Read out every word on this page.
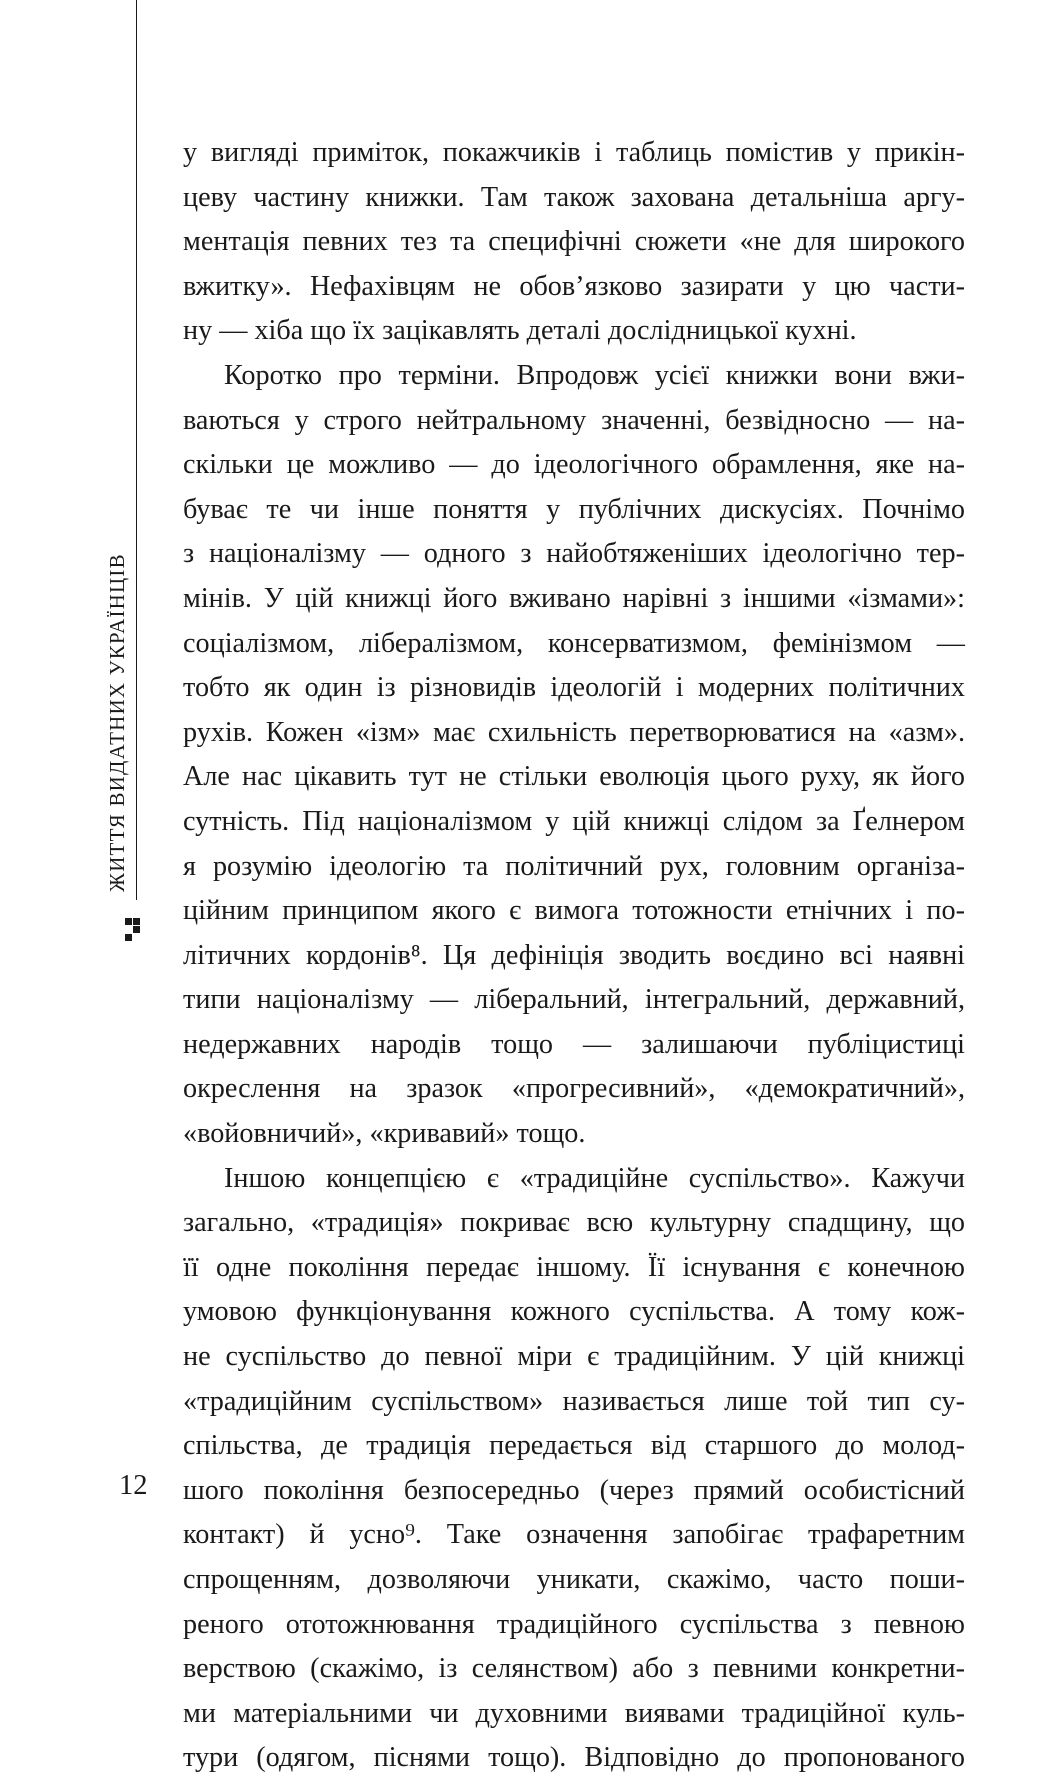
ЖИТТЯ ВИДАТНИХ УКРАЇНЦІВ
у вигляді приміток, покажчиків і таблиць помістив у прикін-
цеву частину книжки. Там також захована детальніша аргу-
ментація певних тез та специфічні сюжети «не для широкого
вжитку». Нефахівцям не обов’язково зазирати у цю части-
ну — хіба що їх зацікавлять деталі дослідницької кухні.
Коротко про терміни. Впродовж усієї книжки вони вжи-
ваються у строго нейтральному значенні, безвідносно — на-
скільки це можливо — до ідеологічного обрамлення, яке на-
буває те чи інше поняття у публічних дискусіях. Почнімо
з націоналізму — одного з найобтяженіших ідеологічно тер-
мінів. У цій книжці його вживано нарівні з іншими «ізмами»:
соціалізмом, лібералізмом, консерватизмом, фемінізмом —
тобто як один із різновидів ідеологій і модерних політичних
рухів. Кожен «ізм» має схильність перетворюватися на «азм».
Але нас цікавить тут не стільки еволюція цього руху, як його
сутність. Під націоналізмом у цій книжці слідом за Ґелнером
я розумію ідеологію та політичний рух, головним організа-
ційним принципом якого є вимога тотожности етнічних і по-
літичних кордонів⁸. Ця дефініція зводить воєдино всі наявні
типи націоналізму — ліберальний, інтегральний, державний,
недержавних народів тощо — залишаючи публіцистиці
окреслення на зразок «прогресивний», «демократичний»,
«войовничий», «кривавий» тощо.
Іншою концепцією є «традиційне суспільство». Кажучи
загально, «традиція» покриває всю культурну спадщину, що
її одне покоління передає іншому. Її існування є конечною
умовою функціонування кожного суспільства. А тому кож-
не суспільство до певної міри є традиційним. У цій книжці
«традиційним суспільством» називається лише той тип су-
спільства, де традиція передається від старшого до молод-
шого покоління безпосередньо (через прямий особистісний
контакт) й усно⁹. Таке означення запобігає трафаретним
спрощенням, дозволяючи уникати, скажімо, часто поши-
реного ототожнювання традиційного суспільства з певною
верствою (скажімо, із селянством) або з певними конкретни-
ми матеріальними чи духовними виявами традиційної куль-
тури (одягом, піснями тощо). Відповідно до пропонованого
12
